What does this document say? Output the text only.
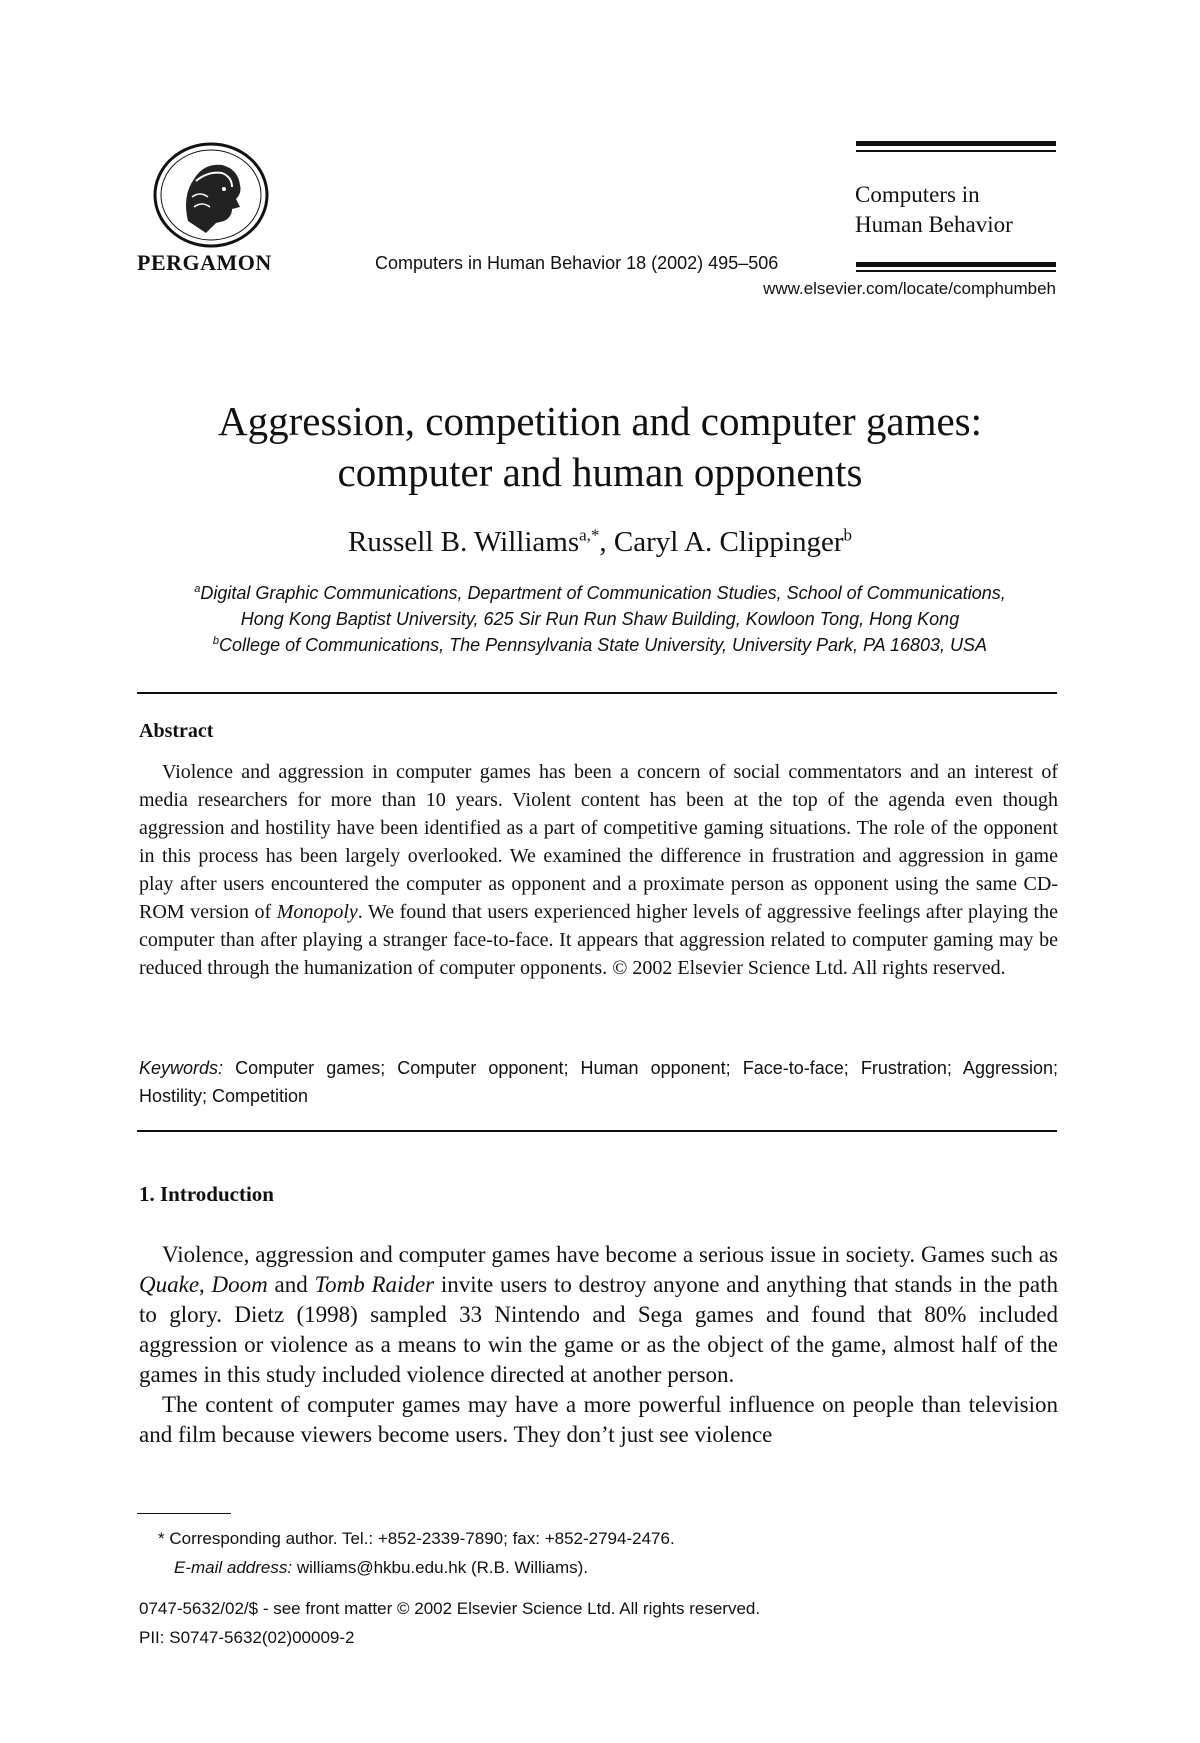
PERGAMON	Computers in Human Behavior 18 (2002) 495–506
Computers in
Human Behavior
www.elsevier.com/locate/comphumbeh
Aggression, competition and computer games:
computer and human opponents
Russell B. Williams$^{a,*}$, Caryl A. Clippinger$^b$
$^a$Digital Graphic Communications, Department of Communication Studies, School of Communications,
Hong Kong Baptist University, 625 Sir Run Run Shaw Building, Kowloon Tong, Hong Kong
$^b$College of Communications, The Pennsylvania State University, University Park, PA 16803, USA
Abstract

Violence and aggression in computer games has been a concern of social commentators and an interest of media researchers for more than 10 years. Violent content has been at the top of the agenda even though aggression and hostility have been identified as a part of competitive gaming situations. The role of the opponent in this process has been largely overlooked. We examined the difference in frustration and aggression in game play after users encountered the computer as opponent and a proximate person as opponent using the same CD-ROM version of Monopoly. We found that users experienced higher levels of aggressive feelings after playing the computer than after playing a stranger face-to-face. It appears that aggression related to computer gaming may be reduced through the humanization of computer opponents. © 2002 Elsevier Science Ltd. All rights reserved.

Keywords: Computer games; Computer opponent; Human opponent; Face-to-face; Frustration; Aggression; Hostility; Competition
1. Introduction

Violence, aggression and computer games have become a serious issue in society. Games such as Quake, Doom and Tomb Raider invite users to destroy anyone and anything that stands in the path to glory. Dietz (1998) sampled 33 Nintendo and Sega games and found that 80% included aggression or violence as a means to win the game or as the object of the game, almost half of the games in this study included violence directed at another person.

The content of computer games may have a more powerful influence on people than television and film because viewers become users. They don’t just see violence

* Corresponding author. Tel.: +852-2339-7890; fax: +852-2794-2476.
E-mail address: williams@hkbu.edu.hk (R.B. Williams).
0747-5632/02/$ - see front matter © 2002 Elsevier Science Ltd. All rights reserved.
PII: S0747-5632(02)00009-2
